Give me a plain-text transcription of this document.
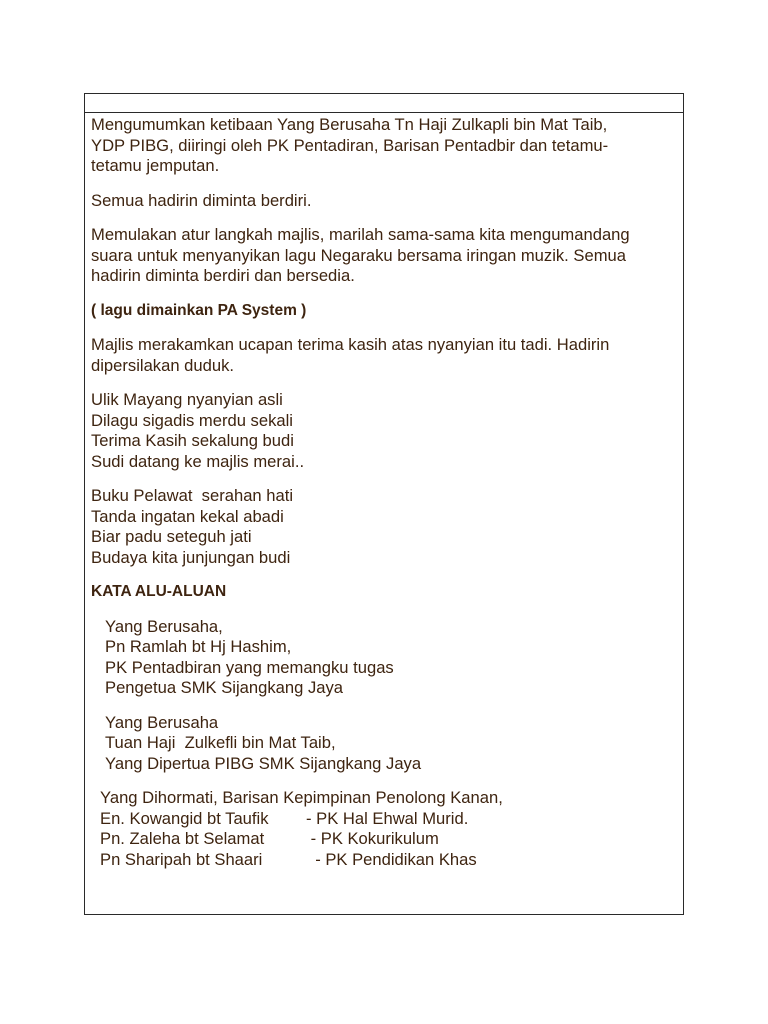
Mengumumkan ketibaan Yang Berusaha Tn Haji Zulkapli bin Mat Taib,
YDP PIBG, diiringi oleh PK Pentadiran, Barisan Pentadbir dan tetamu-
tetamu jemputan.

Semua hadirin diminta berdiri.

Memulakan atur langkah majlis, marilah sama-sama kita mengumandang
suara untuk menyanyikan lagu Negaraku bersama iringan muzik. Semua
hadirin diminta berdiri dan bersedia.

( lagu dimainkan PA System )

Majlis merakamkan ucapan terima kasih atas nyanyian itu tadi. Hadirin
dipersilakan duduk.

Ulik Mayang nyanyian asli
Dilagu sigadis merdu sekali
Terima Kasih sekalung budi
Sudi datang ke majlis merai..

Buku Pelawat  serahan hati
Tanda ingatan kekal abadi
Biar padu seteguh jati
Budaya kita junjungan budi

KATA ALU-ALUAN

Yang Berusaha,
Pn Ramlah bt Hj Hashim,
PK Pentadbiran yang memangku tugas
Pengetua SMK Sijangkang Jaya

Yang Berusaha
Tuan Haji  Zulkefli bin Mat Taib,
Yang Dipertua PIBG SMK Sijangkang Jaya

Yang Dihormati, Barisan Kepimpinan Penolong Kanan,
En. Kowangid bt Taufik	- PK Hal Ehwal Murid.
Pn. Zaleha bt Selamat	- PK Kokurikulum
Pn Sharipah bt Shaari	- PK Pendidikan Khas
